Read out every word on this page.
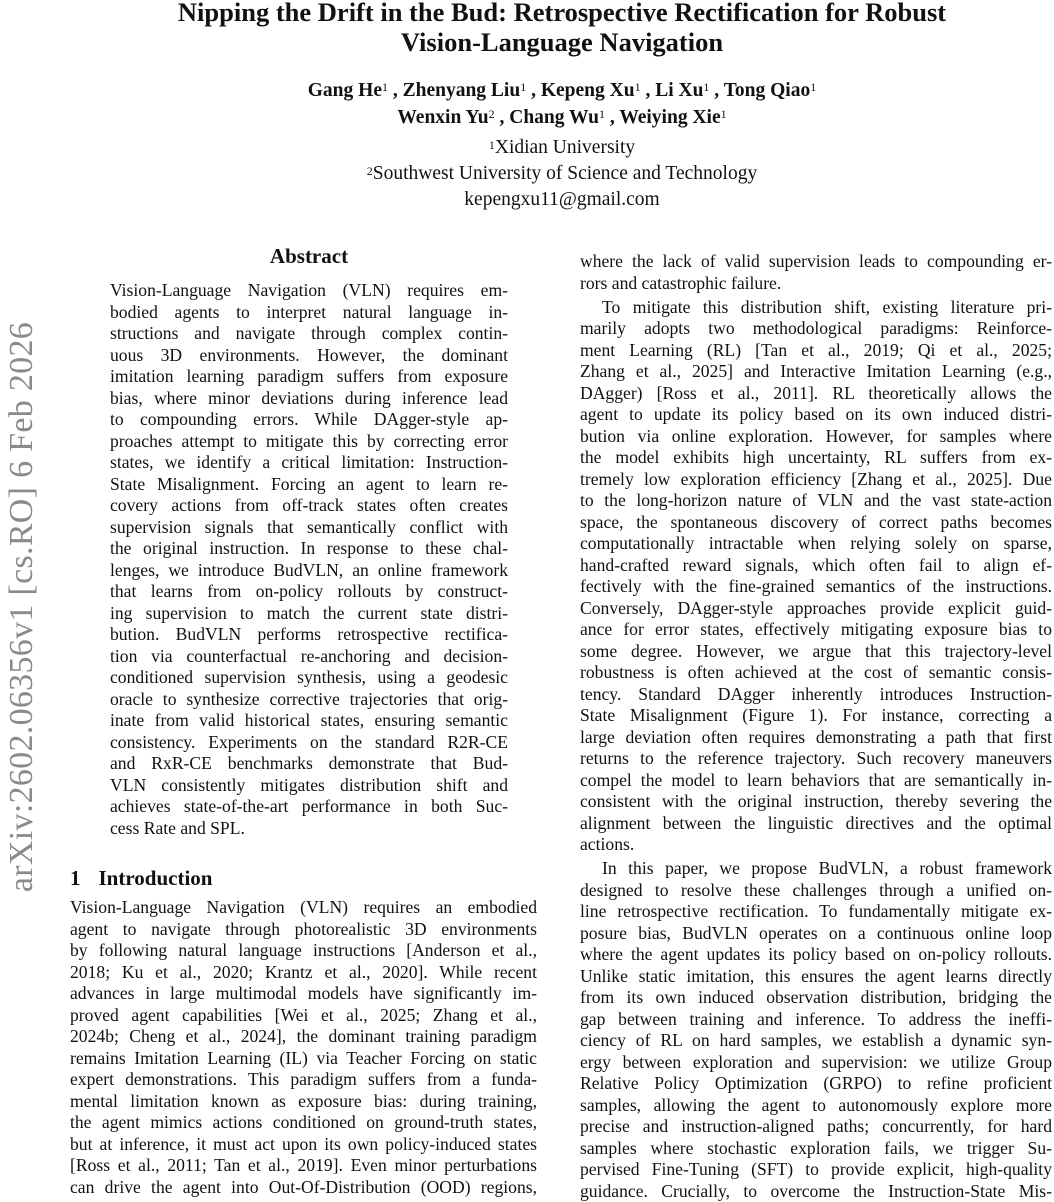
arXiv:2602.06356v1 [cs.RO] 6 Feb 2026
Nipping the Drift in the Bud: Retrospective Rectification for Robust
Vision-Language Navigation
Gang He$^1$ , Zhenyang Liu$^1$ , Kepeng Xu$^1$ , Li Xu$^1$ , Tong Qiao$^1$
Wenxin Yu$^2$ , Chang Wu$^1$ , Weiying Xie$^1$
$^1$Xidian University
$^2$Southwest University of Science and Technology
kepengxu11@gmail.com
Abstract
Vision-Language Navigation (VLN) requires em-
bodied agents to interpret natural language in-
structions and navigate through complex contin-
uous 3D environments. However, the dominant
imitation learning paradigm suffers from exposure
bias, where minor deviations during inference lead
to compounding errors. While DAgger-style ap-
proaches attempt to mitigate this by correcting error
states, we identify a critical limitation: Instruction-
State Misalignment. Forcing an agent to learn re-
covery actions from off-track states often creates
supervision signals that semantically conflict with
the original instruction. In response to these chal-
lenges, we introduce BudVLN, an online framework
that learns from on-policy rollouts by construct-
ing supervision to match the current state distri-
bution. BudVLN performs retrospective rectifica-
tion via counterfactual re-anchoring and decision-
conditioned supervision synthesis, using a geodesic
oracle to synthesize corrective trajectories that orig-
inate from valid historical states, ensuring semantic
consistency. Experiments on the standard R2R-CE
and RxR-CE benchmarks demonstrate that Bud-
VLN consistently mitigates distribution shift and
achieves state-of-the-art performance in both Suc-
cess Rate and SPL.
1 Introduction
Vision-Language Navigation (VLN) requires an embodied
agent to navigate through photorealistic 3D environments
by following natural language instructions [Anderson et al.,
2018; Ku et al., 2020; Krantz et al., 2020]. While recent
advances in large multimodal models have significantly im-
proved agent capabilities [Wei et al., 2025; Zhang et al.,
2024b; Cheng et al., 2024], the dominant training paradigm
remains Imitation Learning (IL) via Teacher Forcing on static
expert demonstrations. This paradigm suffers from a funda-
mental limitation known as exposure bias: during training,
the agent mimics actions conditioned on ground-truth states,
but at inference, it must act upon its own policy-induced states
[Ross et al., 2011; Tan et al., 2019]. Even minor perturbations
can drive the agent into Out-Of-Distribution (OOD) regions,
where the lack of valid supervision leads to compounding er-
rors and catastrophic failure.
To mitigate this distribution shift, existing literature pri-
marily adopts two methodological paradigms: Reinforce-
ment Learning (RL) [Tan et al., 2019; Qi et al., 2025;
Zhang et al., 2025] and Interactive Imitation Learning (e.g.,
DAgger) [Ross et al., 2011]. RL theoretically allows the
agent to update its policy based on its own induced distri-
bution via online exploration. However, for samples where
the model exhibits high uncertainty, RL suffers from ex-
tremely low exploration efficiency [Zhang et al., 2025]. Due
to the long-horizon nature of VLN and the vast state-action
space, the spontaneous discovery of correct paths becomes
computationally intractable when relying solely on sparse,
hand-crafted reward signals, which often fail to align ef-
fectively with the fine-grained semantics of the instructions.
Conversely, DAgger-style approaches provide explicit guid-
ance for error states, effectively mitigating exposure bias to
some degree. However, we argue that this trajectory-level
robustness is often achieved at the cost of semantic consis-
tency. Standard DAgger inherently introduces Instruction-
State Misalignment (Figure 1). For instance, correcting a
large deviation often requires demonstrating a path that first
returns to the reference trajectory. Such recovery maneuvers
compel the model to learn behaviors that are semantically in-
consistent with the original instruction, thereby severing the
alignment between the linguistic directives and the optimal
actions.
In this paper, we propose BudVLN, a robust framework
designed to resolve these challenges through a unified on-
line retrospective rectification. To fundamentally mitigate ex-
posure bias, BudVLN operates on a continuous online loop
where the agent updates its policy based on on-policy rollouts.
Unlike static imitation, this ensures the agent learns directly
from its own induced observation distribution, bridging the
gap between training and inference. To address the ineffi-
ciency of RL on hard samples, we establish a dynamic syn-
ergy between exploration and supervision: we utilize Group
Relative Policy Optimization (GRPO) to refine proficient
samples, allowing the agent to autonomously explore more
precise and instruction-aligned paths; concurrently, for hard
samples where stochastic exploration fails, we trigger Su-
pervised Fine-Tuning (SFT) to provide explicit, high-quality
guidance. Crucially, to overcome the Instruction-State Mis-
